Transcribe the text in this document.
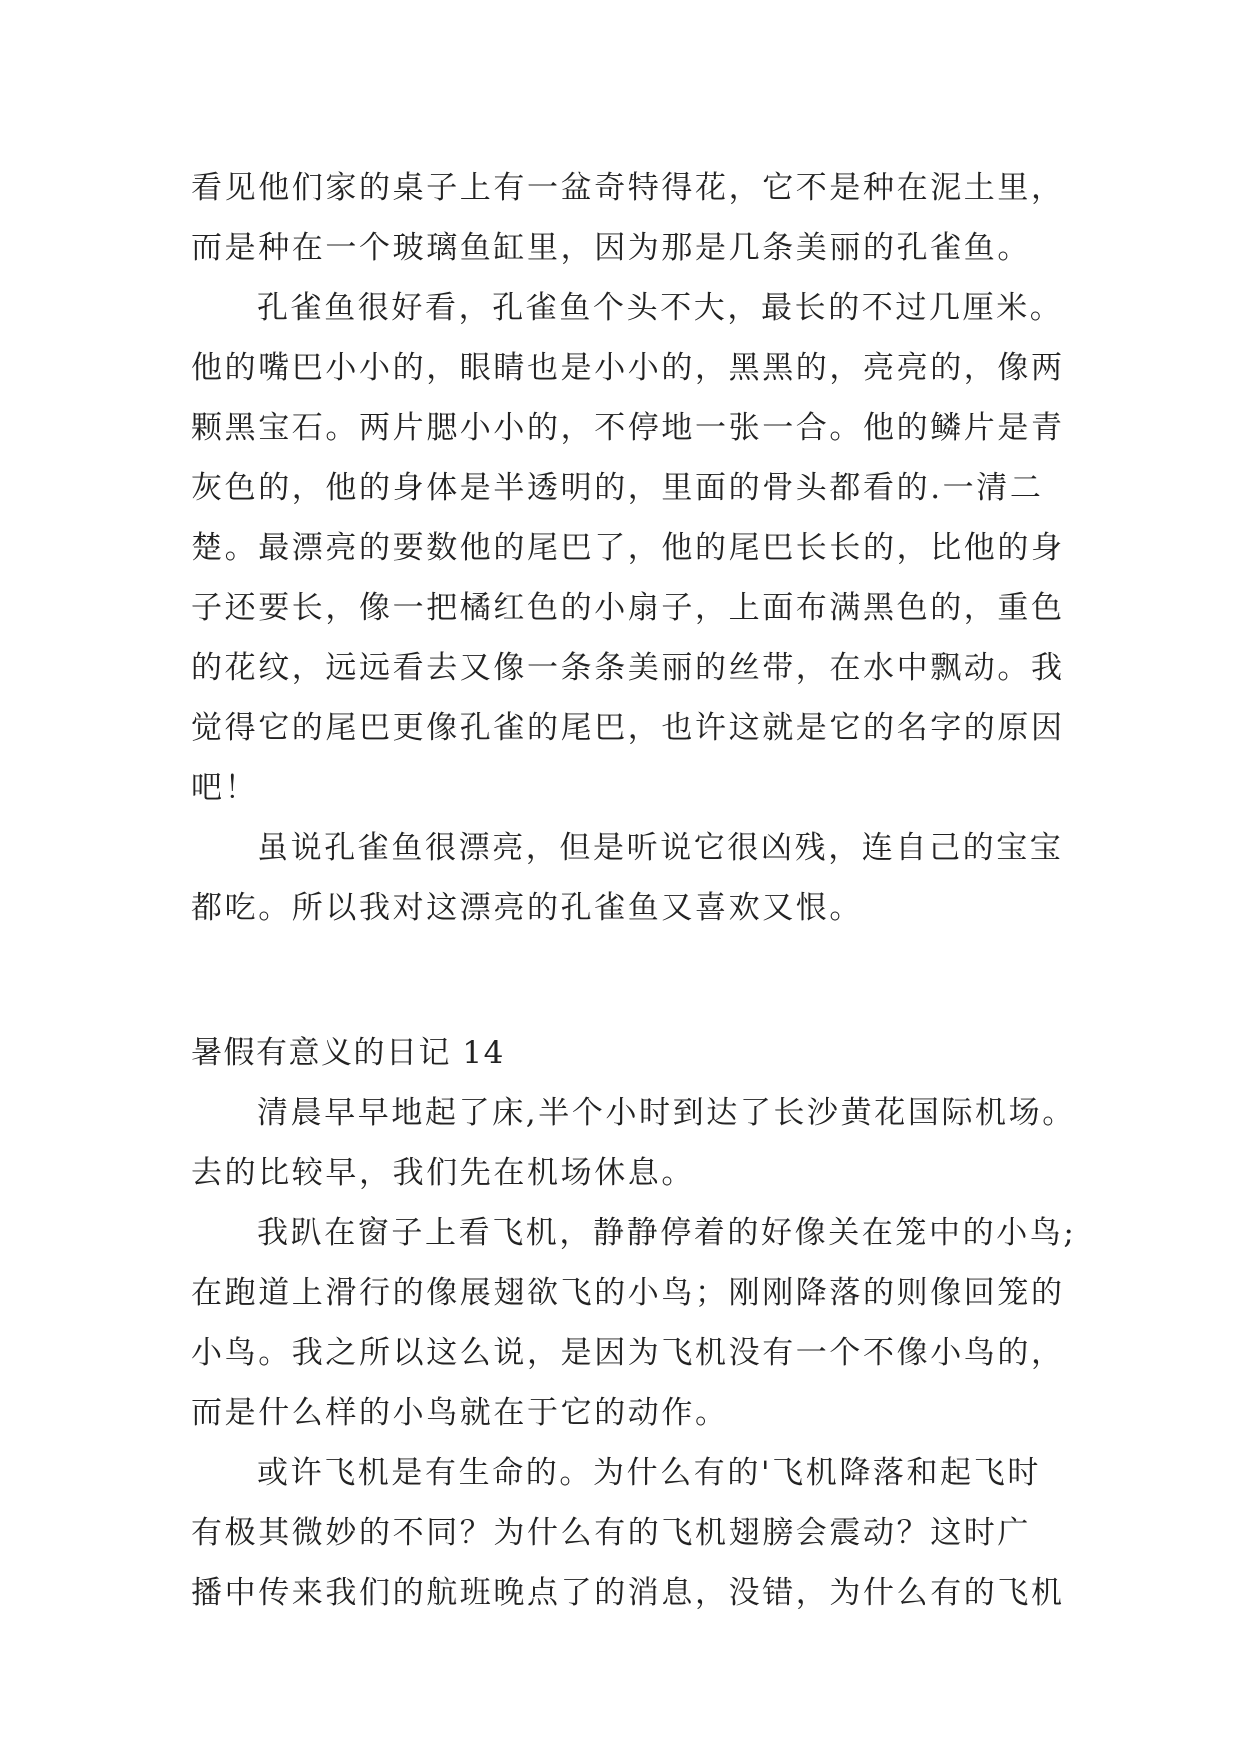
看见他们家的桌子上有一盆奇特得花，它不是种在泥土里，
而是种在一个玻璃鱼缸里，因为那是几条美丽的孔雀鱼。
孔雀鱼很好看，孔雀鱼个头不大，最长的不过几厘米。
他的嘴巴小小的，眼睛也是小小的，黑黑的，亮亮的，像两
颗黑宝石。两片腮小小的，不停地一张一合。他的鳞片是青
灰色的，他的身体是半透明的，里面的骨头都看的.一清二
楚。最漂亮的要数他的尾巴了，他的尾巴长长的，比他的身
子还要长，像一把橘红色的小扇子，上面布满黑色的，重色
的花纹，远远看去又像一条条美丽的丝带，在水中飘动。我
觉得它的尾巴更像孔雀的尾巴，也许这就是它的名字的原因
吧！
虽说孔雀鱼很漂亮，但是听说它很凶残，连自己的宝宝
都吃。所以我对这漂亮的孔雀鱼又喜欢又恨。
暑假有意义的日记 14
清晨早早地起了床,半个小时到达了长沙黄花国际机场。
去的比较早，我们先在机场休息。
我趴在窗子上看飞机，静静停着的好像关在笼中的小鸟;
在跑道上滑行的像展翅欲飞的小鸟；刚刚降落的则像回笼的
小鸟。我之所以这么说，是因为飞机没有一个不像小鸟的，
而是什么样的小鸟就在于它的动作。
或许飞机是有生命的。为什么有的'飞机降落和起飞时
有极其微妙的不同？为什么有的飞机翅膀会震动？这时广
播中传来我们的航班晚点了的消息，没错，为什么有的飞机
